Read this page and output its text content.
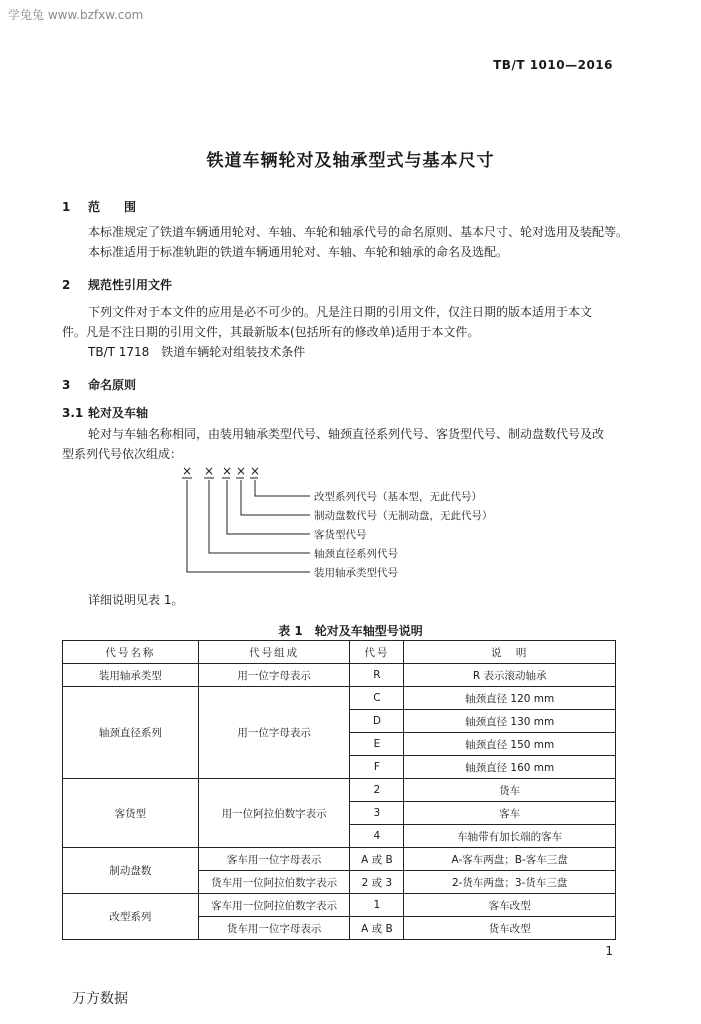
学兔兔 www.bzfxw.com
TB/T 1010—2016
铁道车辆轮对及轴承型式与基本尺寸
1 范　　围
本标准规定了铁道车辆通用轮对、车轴、车轮和轴承代号的命名原则、基本尺寸、轮对选用及装配等。
本标准适用于标准轨距的铁道车辆通用轮对、车轴、车轮和轴承的命名及选配。
2 规范性引用文件
下列文件对于本文件的应用是必不可少的。凡是注日期的引用文件，仅注日期的版本适用于本文
件。凡是不注日期的引用文件，其最新版本(包括所有的修改单)适用于本文件。
TB/T 1718　铁道车辆轮对组装技术条件
3 命名原则
3.1 轮对及车轴
轮对与车轴名称相同，由装用轴承类型代号、轴颈直径系列代号、客货型代号、制动盘数代号及改
型系列代号依次组成：
× × × × ×
改型系列代号（基本型，无此代号）
制动盘数代号（无制动盘，无此代号）
客货型代号
轴颈直径系列代号
装用轴承类型代号
详细说明见表 1。
表 1　轮对及车轴型号说明
代号名称	代号组成	代号	说　明
装用轴承类型	用一位字母表示	R	R 表示滚动轴承
轴颈直径系列	用一位字母表示	C	轴颈直径 120 mm
		D	轴颈直径 130 mm
		E	轴颈直径 150 mm
		F	轴颈直径 160 mm
客货型	用一位阿拉伯数字表示	2	货车
		3	客车
		4	车轴带有加长端的客车
制动盘数	客车用一位字母表示	A 或 B	A-客车两盘；B-客车三盘
	货车用一位阿拉伯数字表示	2 或 3	2-货车两盘；3-货车三盘
改型系列	客车用一位阿拉伯数字表示	1	客车改型
	货车用一位字母表示	A 或 B	货车改型
1
万方数据
